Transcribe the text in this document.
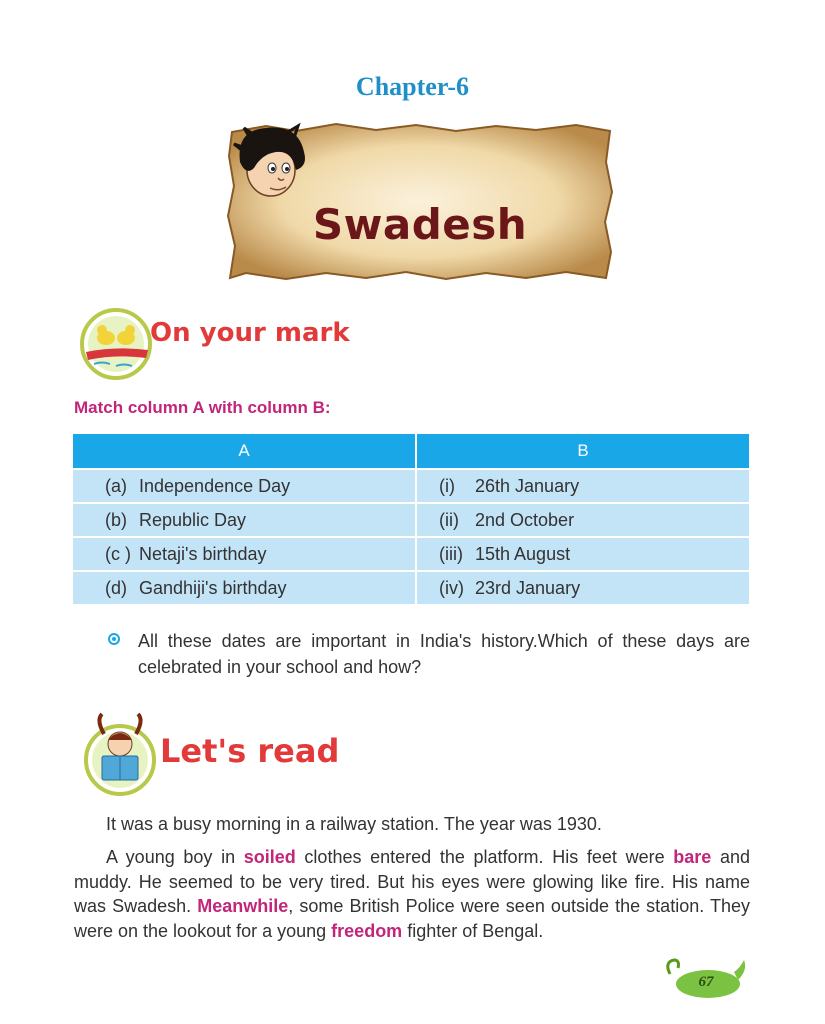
Chapter-6
Swadesh
On your mark
Match column A with column B:
A	B
(a) Independence Day	(i) 26th January
(b) Republic Day	(ii) 2nd October
(c ) Netaji's birthday	(iii) 15th August
(d) Gandhiji's birthday	(iv) 23rd January
All these dates are important in India's history.Which of these days are celebrated in your school and how?
Let's read

It was a busy morning in a railway station. The year was 1930.

A young boy in soiled clothes entered the platform. His feet were bare and muddy. He seemed to be very tired. But his eyes were glowing like fire. His name was Swadesh. Meanwhile, some British Police were seen outside the station. They were on the lookout for a young freedom fighter of Bengal.

67
